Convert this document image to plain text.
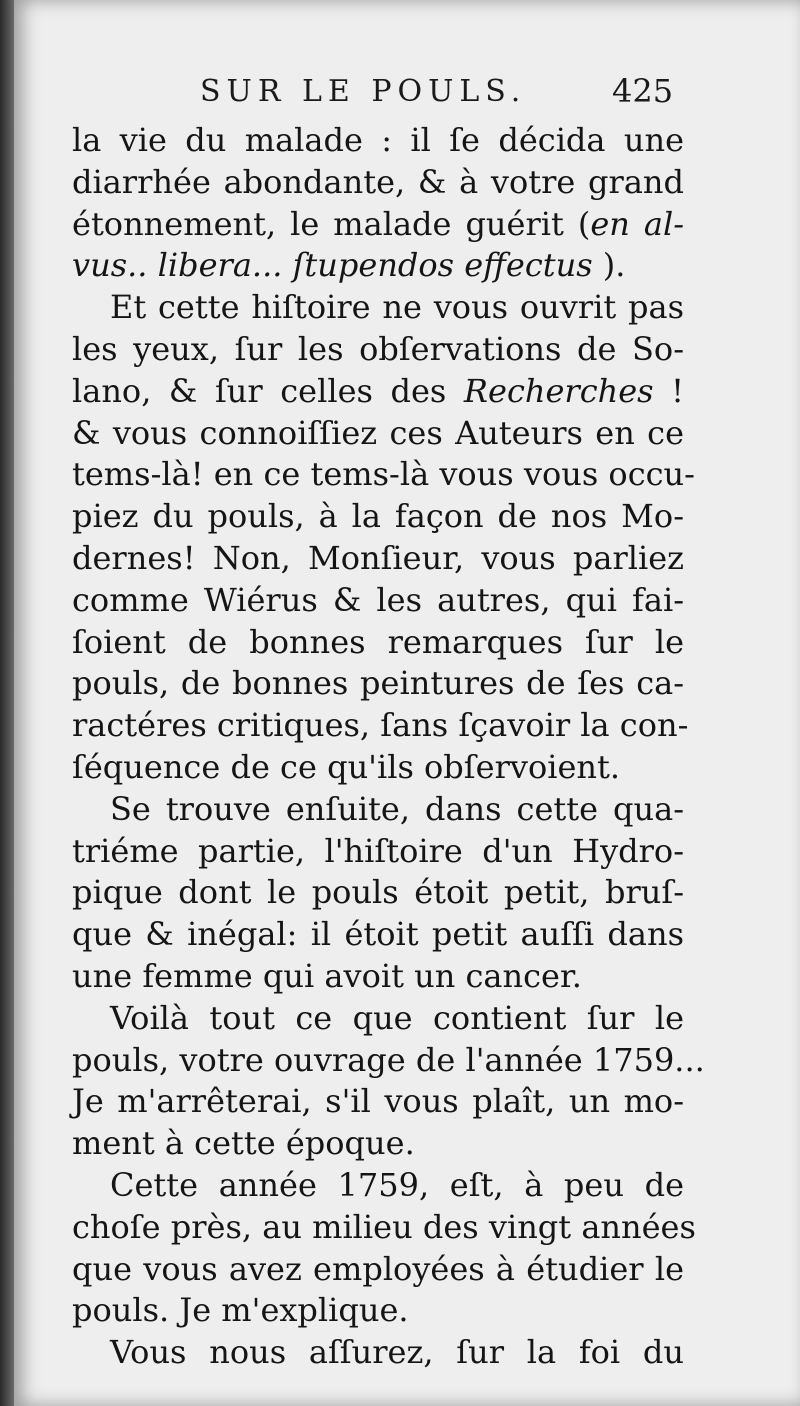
SUR LE POULS.	425
la vie du malade : il ſe décida une
diarrhée abondante, & à votre grand
étonnement, le malade guérit (en al-
vus.. libera... ſtupendos effectus ).
Et cette hiſtoire ne vous ouvrit pas
les yeux, ſur les obſervations de So-
lano, & ſur celles des Recherches !
& vous connoiſſiez ces Auteurs en ce
tems-là! en ce tems-là vous vous occu-
piez du pouls, à la façon de nos Mo-
dernes! Non, Monſieur, vous parliez
comme Wiérus & les autres, qui fai-
ſoient de bonnes remarques ſur le
pouls, de bonnes peintures de ſes ca-
ractéres critiques, ſans ſçavoir la con-
ſéquence de ce qu'ils obſervoient.
Se trouve enſuite, dans cette qua-
triéme partie, l'hiſtoire d'un Hydro-
pique dont le pouls étoit petit, bruſ-
que & inégal: il étoit petit auſſi dans
une femme qui avoit un cancer.
Voilà tout ce que contient ſur le
pouls, votre ouvrage de l'année 1759...
Je m'arrêterai, s'il vous plaît, un mo-
ment à cette époque.
Cette année 1759, eſt, à peu de
choſe près, au milieu des vingt années
que vous avez employées à étudier le
pouls. Je m'explique.
Vous nous aſſurez, ſur la foi du
